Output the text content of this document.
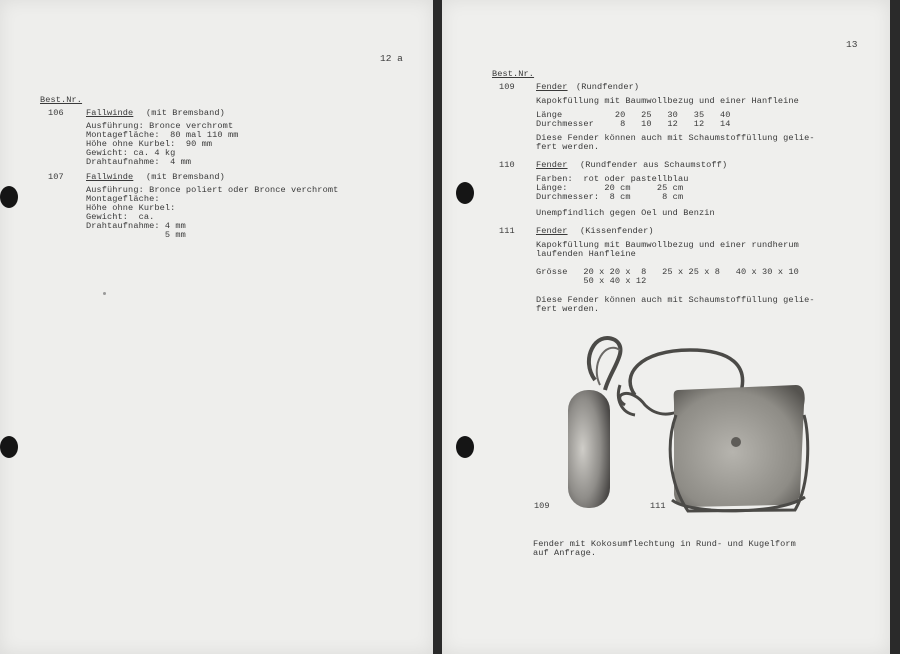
12 a
Best.Nr.
106	Fallwinde (mit Bremsband)
Ausführung: Bronce verchromt
Montagefläche:  80 mal 110 mm
Höhe ohne Kurbel:  90 mm
Gewicht: ca. 4 kg
Drahtaufnahme:  4 mm
107	Fallwinde (mit Bremsband)
Ausführung: Bronce poliert oder Bronce verchromt
Montagefläche:
Höhe ohne Kurbel:
Gewicht:  ca.
Drahtaufnahme: 4 mm
5 mm
13
Best.Nr.
109 Fender (Rundfender)
Kapokfüllung mit Baumwollbezug und einer Hanfleine
Länge          20   25   30   35   40
Durchmesser     8   10   12   12   14
Diese Fender können auch mit Schaumstoffüllung gelie-
fert werden.
110 Fender (Rundfender aus Schaumstoff)
Farben:  rot oder pastellblau
Länge:       20 cm     25 cm
Durchmesser:  8 cm      8 cm
Unempfindlich gegen Oel und Benzin
111 Fender (Kissenfender)
Kapokfüllung mit Baumwollbezug und einer rundherum
laufenden Hanfleine
Grösse   20 x 20 x  8   25 x 25 x 8   40 x 30 x 10
50 x 40 x 12
Diese Fender können auch mit Schaumstoffüllung gelie-
fert werden.
109	111
Fender mit Kokosumflechtung in Rund- und Kugelform
auf Anfrage.
